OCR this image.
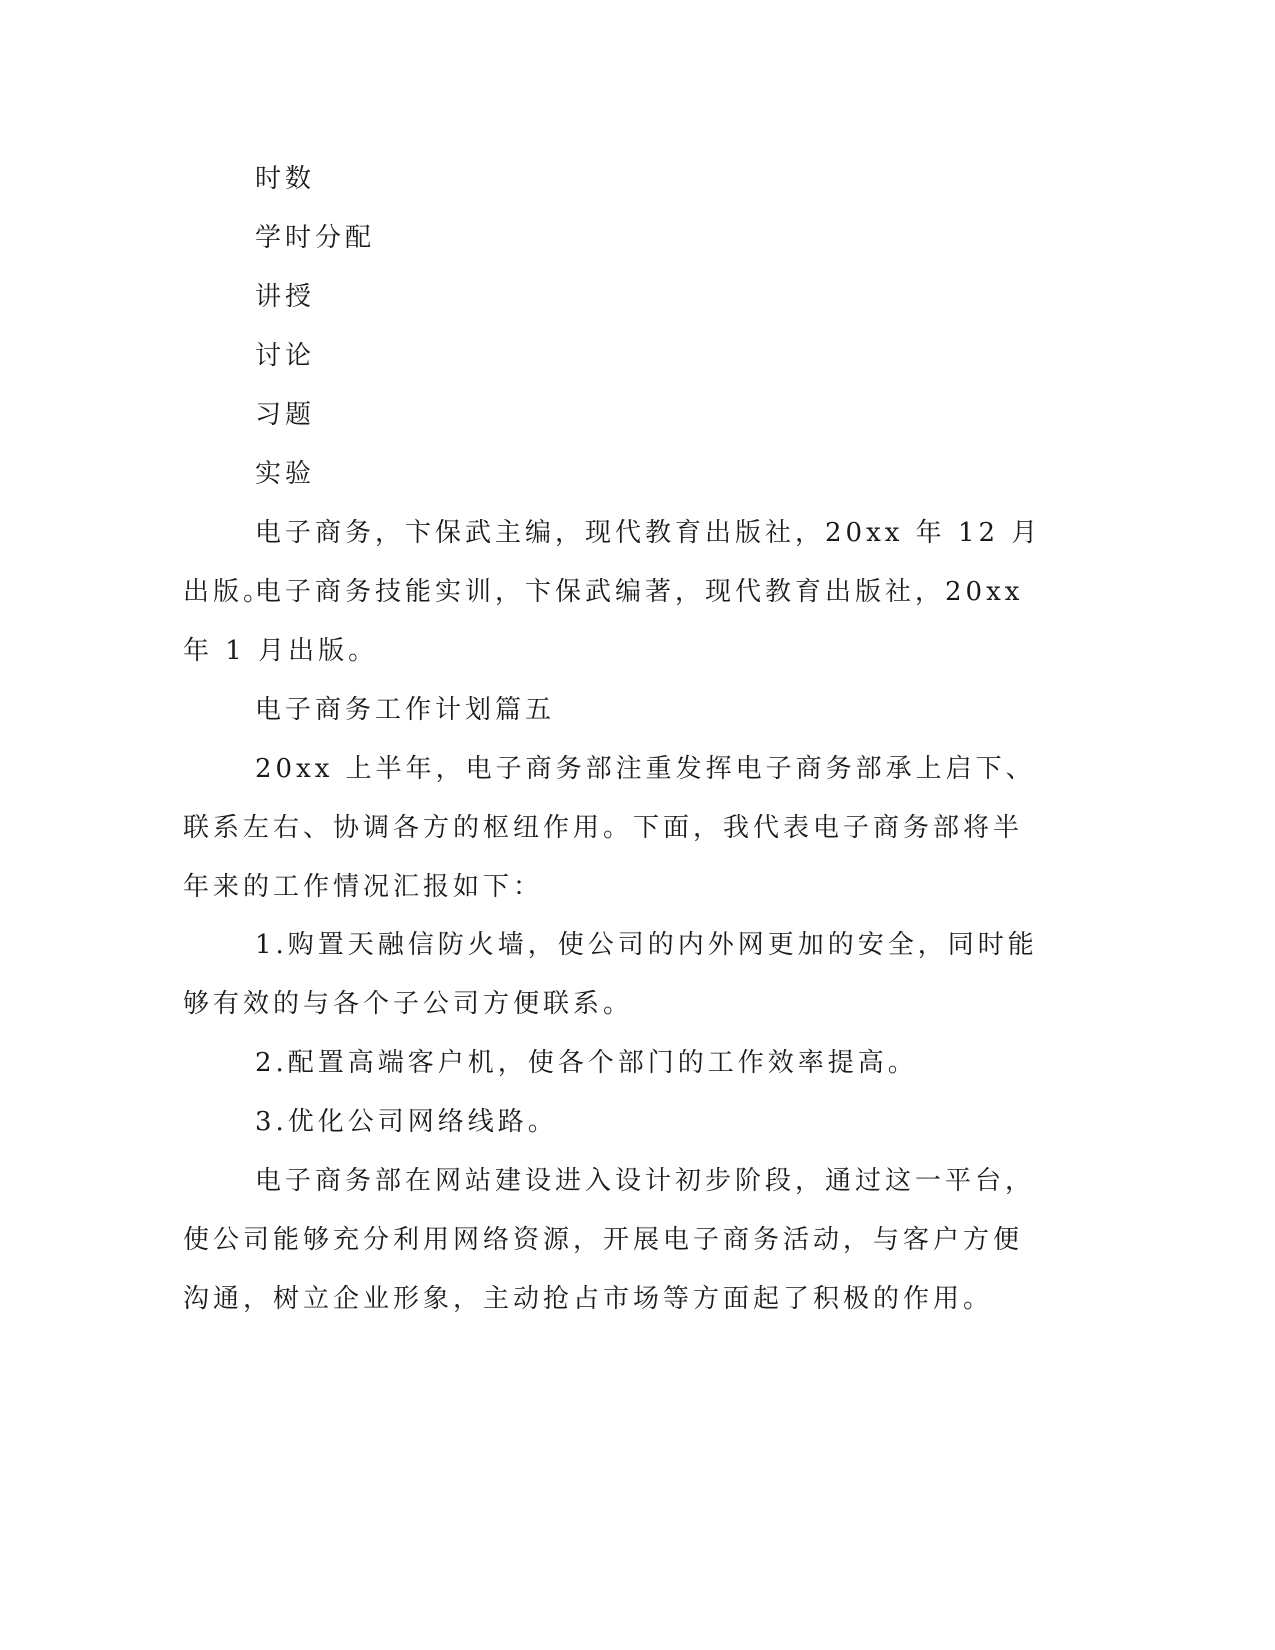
时数

学时分配

讲授

讨论

习题

实验

电子商务，卞保武主编，现代教育出版社，20xx 年 12 月出版。

电子商务技能实训，卞保武编著，现代教育出版社，20xx 年 1 月出版。

电子商务工作计划篇五

20xx 上半年，电子商务部注重发挥电子商务部承上启下、联系左右、协调各方的枢纽作用。下面，我代表电子商务部将半年来的工作情况汇报如下：

1.购置天融信防火墙，使公司的内外网更加的安全，同时能够有效的与各个子公司方便联系。

2.配置高端客户机，使各个部门的工作效率提高。

3.优化公司网络线路。

电子商务部在网站建设进入设计初步阶段，通过这一平台，使公司能够充分利用网络资源，开展电子商务活动，与客户方便沟通，树立企业形象，主动抢占市场等方面起了积极的作用。
